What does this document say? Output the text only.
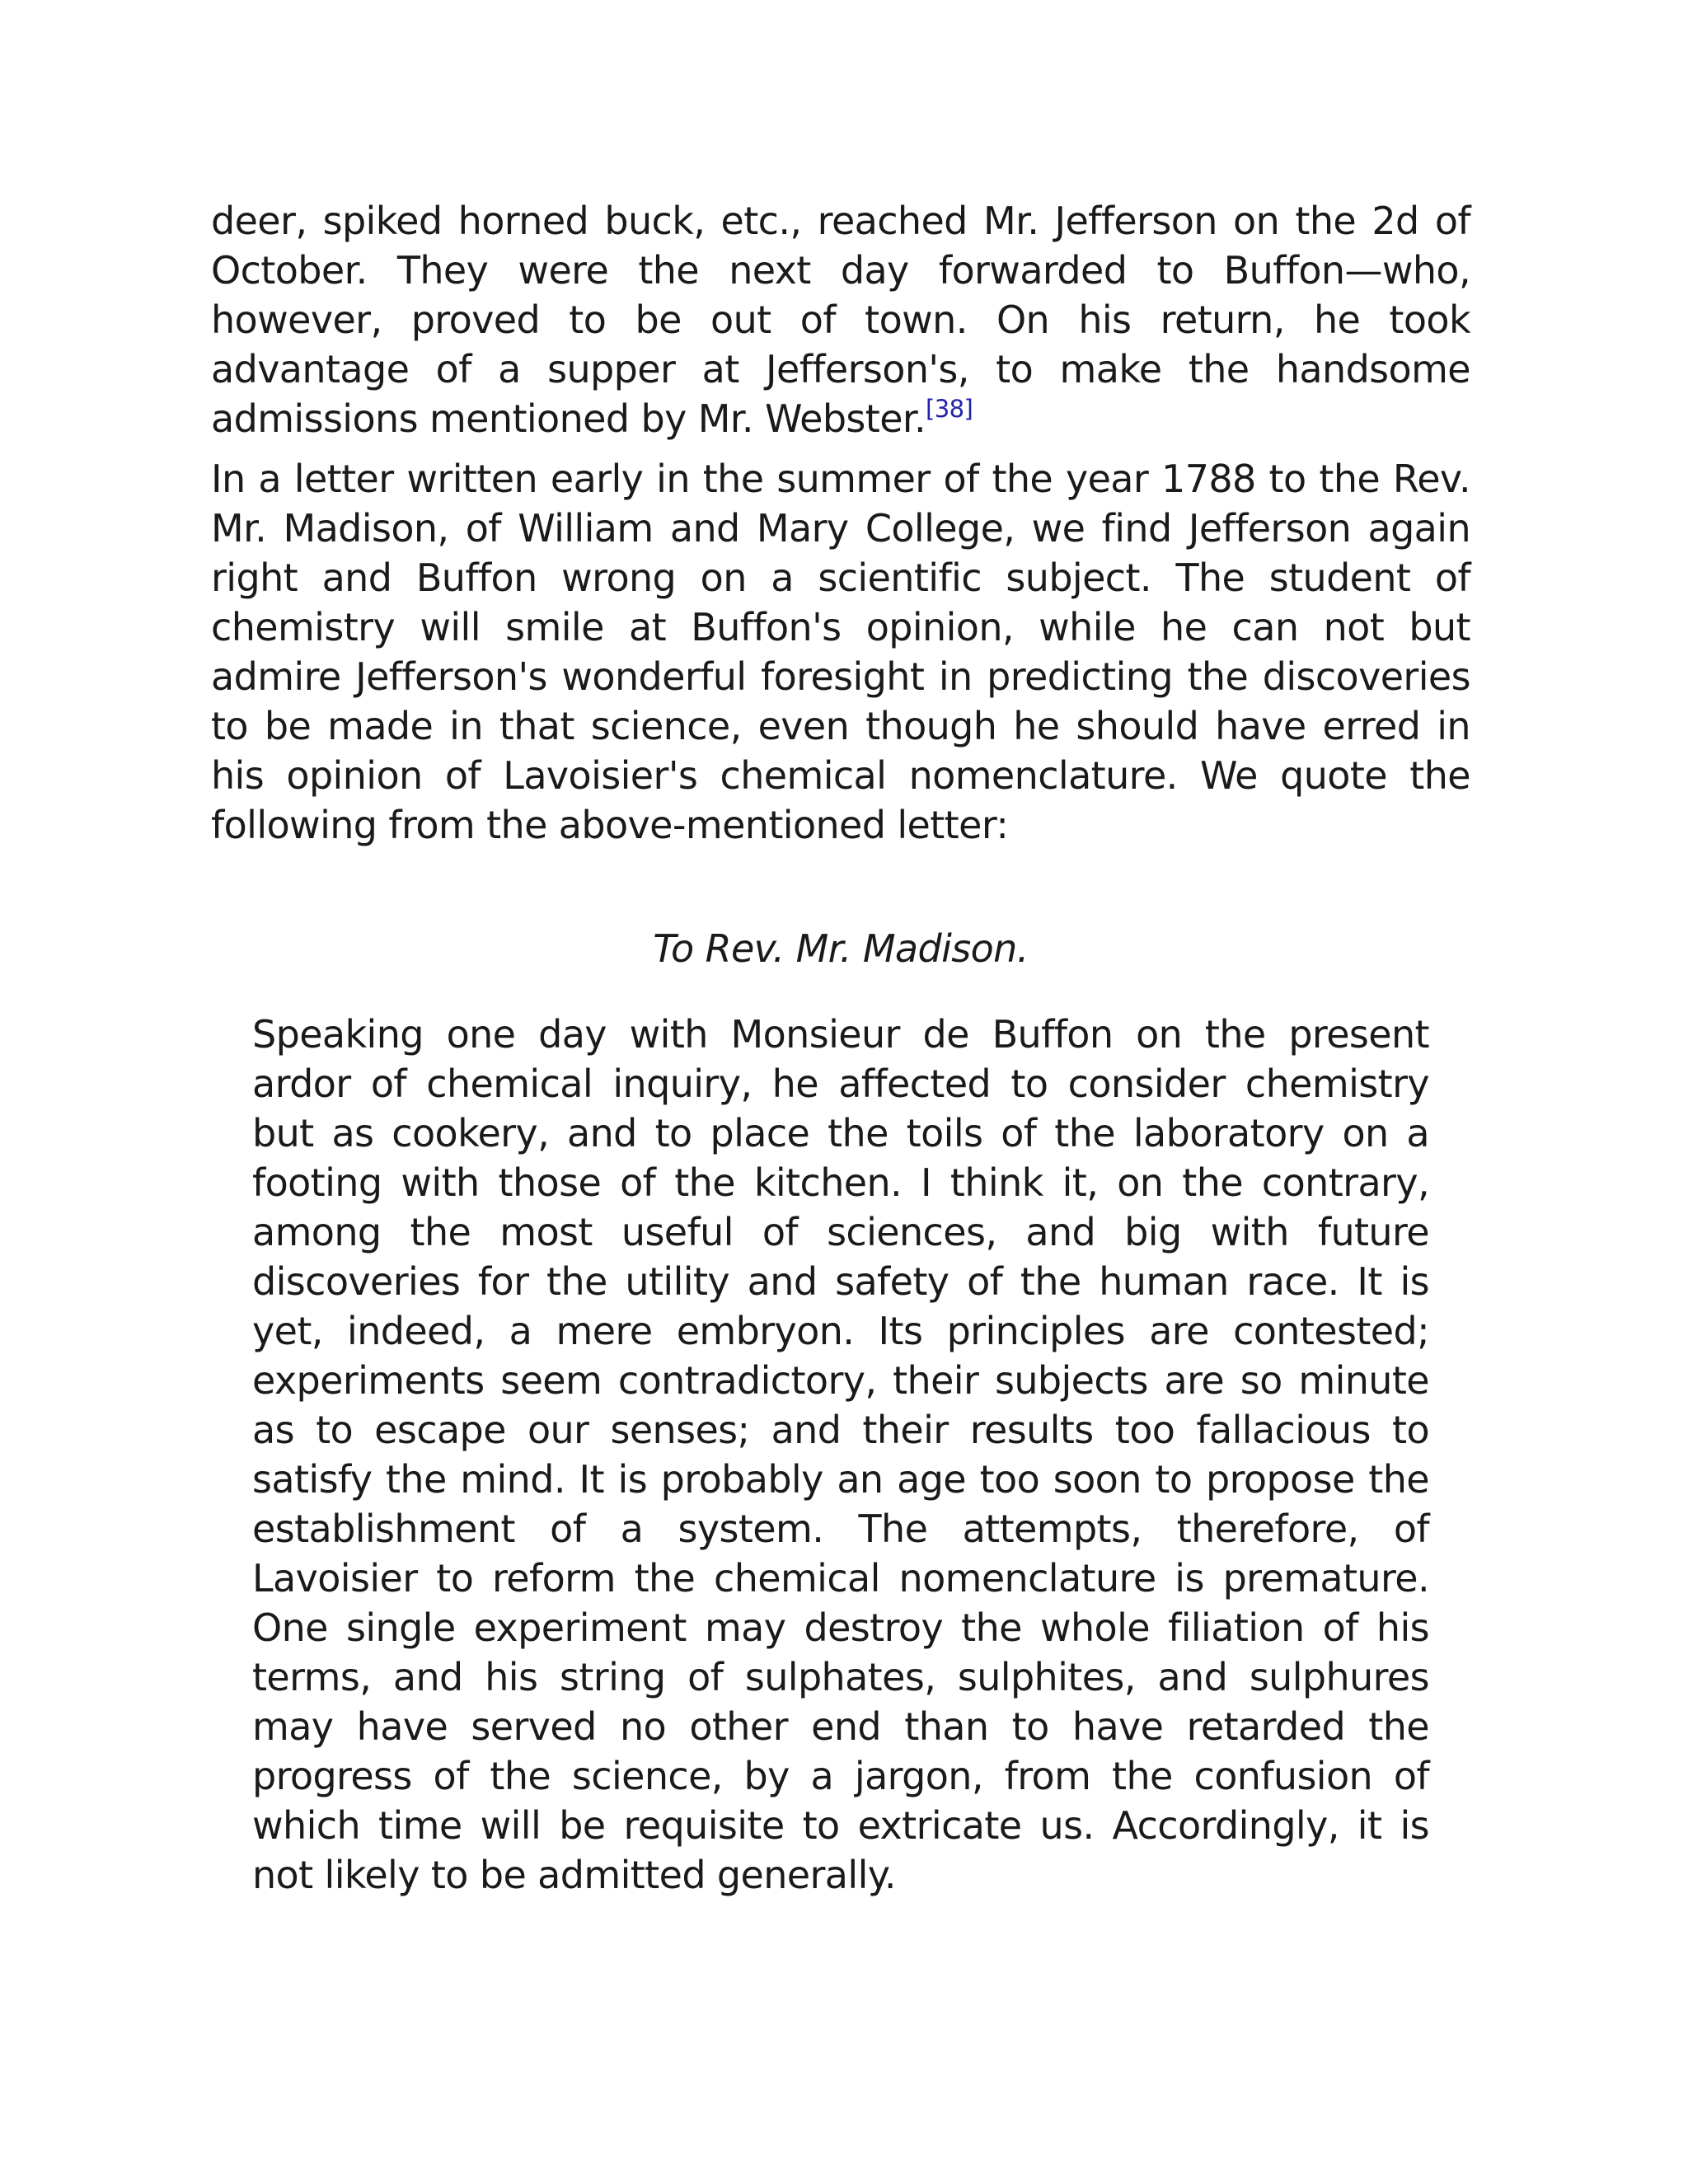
deer, spiked horned buck, etc., reached Mr. Jefferson on the 2d of October. They were the next day forwarded to Buffon—who, however, proved to be out of town. On his return, he took advantage of a supper at Jefferson's, to make the handsome admissions mentioned by Mr. Webster.[38]

In a letter written early in the summer of the year 1788 to the Rev. Mr. Madison, of William and Mary College, we find Jefferson again right and Buffon wrong on a scientific subject. The student of chemistry will smile at Buffon's opinion, while he can not but admire Jefferson's wonderful foresight in predicting the discoveries to be made in that science, even though he should have erred in his opinion of Lavoisier's chemical nomenclature. We quote the following from the above-mentioned letter:

To Rev. Mr. Madison.

Speaking one day with Monsieur de Buffon on the present ardor of chemical inquiry, he affected to consider chemistry but as cookery, and to place the toils of the laboratory on a footing with those of the kitchen. I think it, on the contrary, among the most useful of sciences, and big with future discoveries for the utility and safety of the human race. It is yet, indeed, a mere embryon. Its principles are contested; experiments seem contradictory, their subjects are so minute as to escape our senses; and their results too fallacious to satisfy the mind. It is probably an age too soon to propose the establishment of a system. The attempts, therefore, of Lavoisier to reform the chemical nomenclature is premature. One single experiment may destroy the whole filiation of his terms, and his string of sulphates, sulphites, and sulphures may have served no other end than to have retarded the progress of the science, by a jargon, from the confusion of which time will be requisite to extricate us. Accordingly, it is not likely to be admitted generally.
